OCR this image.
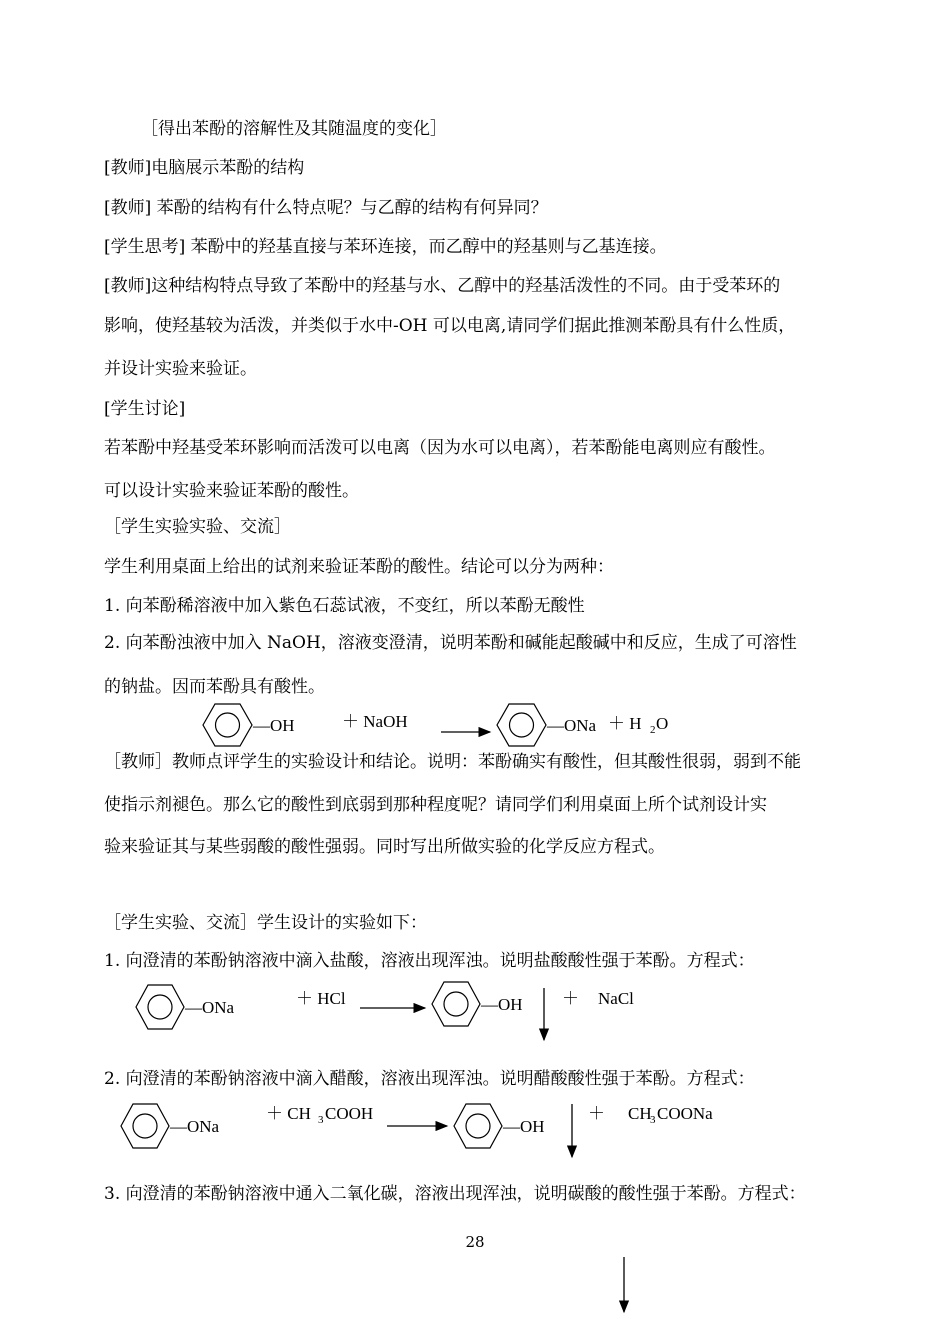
［得出苯酚的溶解性及其随温度的变化］
[教师]电脑展示苯酚的结构
[教师] 苯酚的结构有什么特点呢？与乙醇的结构有何异同？
[学生思考] 苯酚中的羟基直接与苯环连接，而乙醇中的羟基则与乙基连接。
[教师]这种结构特点导致了苯酚中的羟基与水、乙醇中的羟基活泼性的不同。由于受苯环的
影响，使羟基较为活泼，并类似于水中-OH 可以电离,请同学们据此推测苯酚具有什么性质，
并设计实验来验证。
[学生讨论]
若苯酚中羟基受苯环影响而活泼可以电离（因为水可以电离），若苯酚能电离则应有酸性。
可以设计实验来验证苯酚的酸性。
［学生实验实验、交流］
学生利用桌面上给出的试剂来验证苯酚的酸性。结论可以分为两种：
1. 向苯酚稀溶液中加入紫色石蕊试液，不变红，所以苯酚无酸性
2. 向苯酚浊液中加入 NaOH，溶液变澄清，说明苯酚和碱能起酸碱中和反应，生成了可溶性
的钠盐。因而苯酚具有酸性。
［教师］教师点评学生的实验设计和结论。说明：苯酚确实有酸性，但其酸性很弱，弱到不能
使指示剂褪色。那么它的酸性到底弱到那种程度呢？请同学们利用桌面上所个试剂设计实
验来验证其与某些弱酸的酸性强弱。同时写出所做实验的化学反应方程式。
［学生实验、交流］学生设计的实验如下：
1. 向澄清的苯酚钠溶液中滴入盐酸，溶液出现浑浊。说明盐酸酸性强于苯酚。方程式：
2. 向澄清的苯酚钠溶液中滴入醋酸，溶液出现浑浊。说明醋酸酸性强于苯酚。方程式：
3. 向澄清的苯酚钠溶液中通入二氧化碳，溶液出现浑浊，说明碳酸的酸性强于苯酚。方程式：
—OH	＋ NaOH	—ONa ＋ H 2 O
—ONa	＋ HCl	—OH ＋ NaCl
—ONa
＋ CH 3 COOH
—OH
＋ CH
3 COONa
28
